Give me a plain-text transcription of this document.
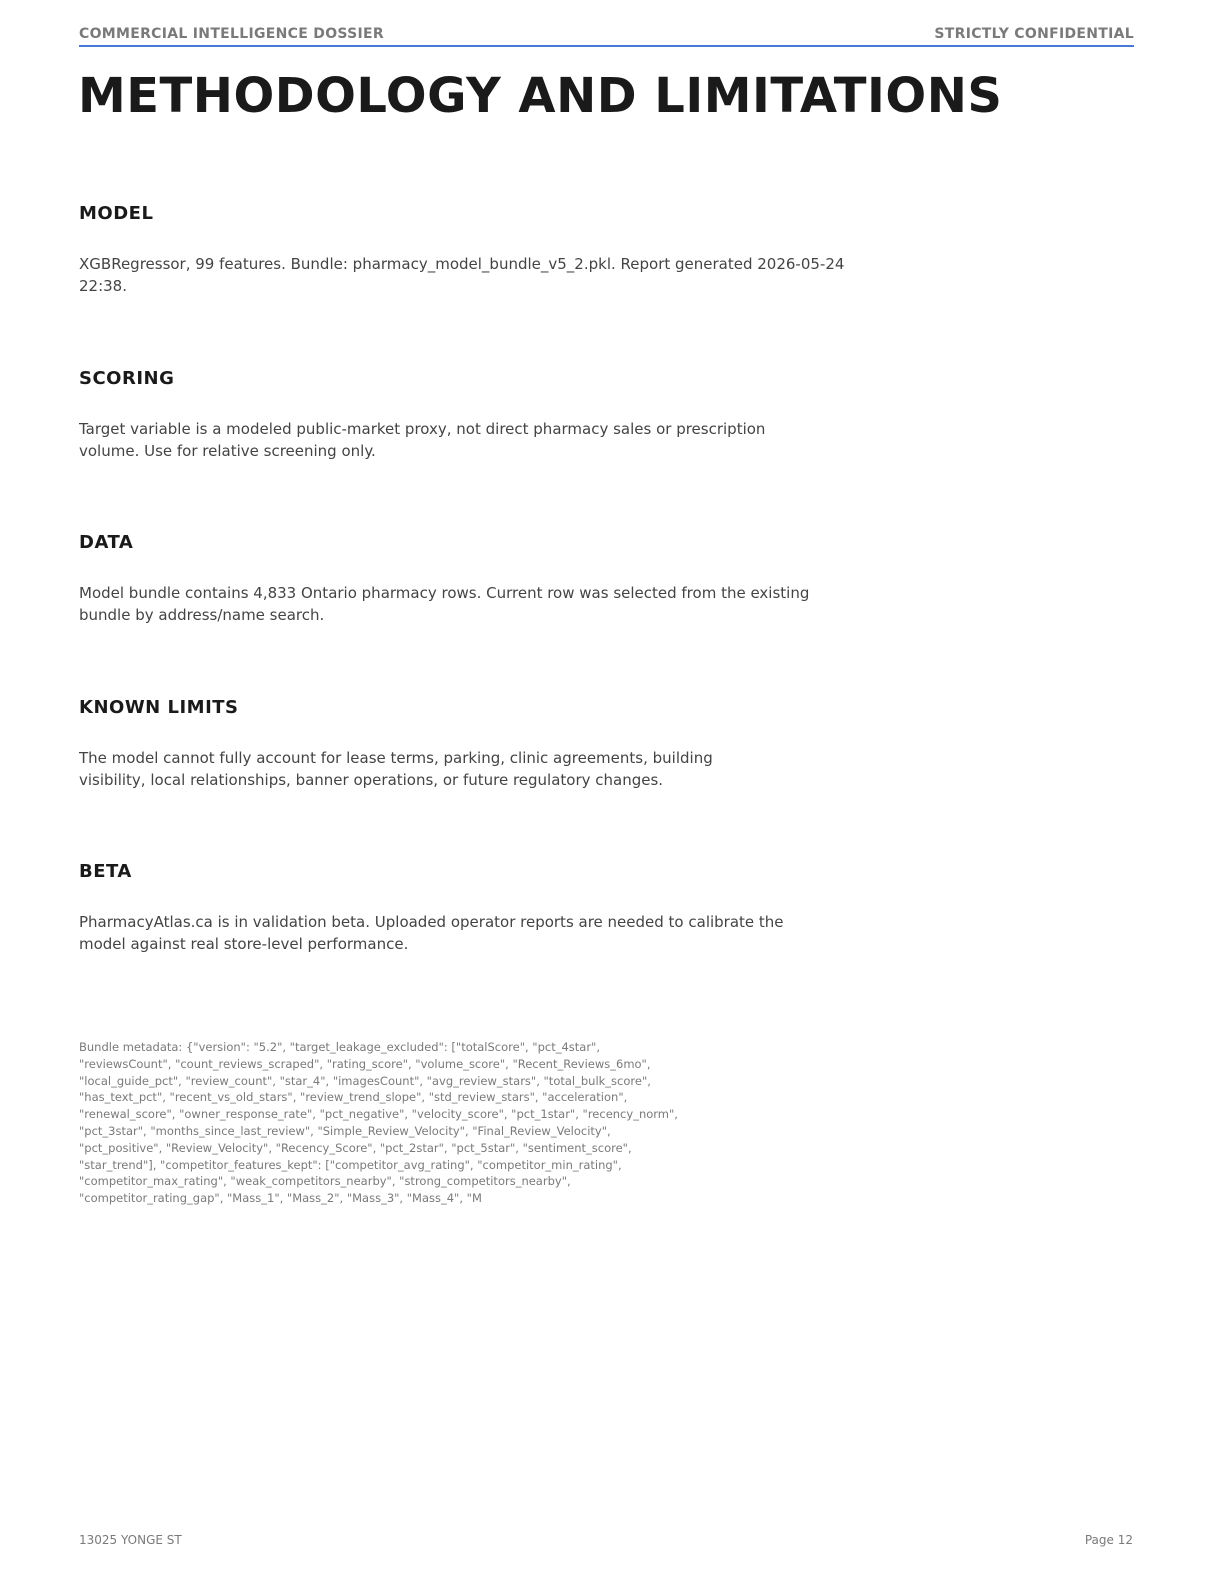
COMMERCIAL INTELLIGENCE DOSSIER	STRICTLY CONFIDENTIAL
METHODOLOGY AND LIMITATIONS
MODEL

XGBRegressor, 99 features. Bundle: pharmacy_model_bundle_v5_2.pkl. Report generated 2026-05-24 22:38.

SCORING

Target variable is a modeled public-market proxy, not direct pharmacy sales or prescription volume. Use for relative screening only.

DATA

Model bundle contains 4,833 Ontario pharmacy rows. Current row was selected from the existing bundle by address/name search.

KNOWN LIMITS

The model cannot fully account for lease terms, parking, clinic agreements, building visibility, local relationships, banner operations, or future regulatory changes.

BETA

PharmacyAtlas.ca is in validation beta. Uploaded operator reports are needed to calibrate the model against real store-level performance.

Bundle metadata: {"version": "5.2", "target_leakage_excluded": ["totalScore", "pct_4star", "reviewsCount", "count_reviews_scraped", "rating_score", "volume_score", "Recent_Reviews_6mo", "local_guide_pct", "review_count", "star_4", "imagesCount", "avg_review_stars", "total_bulk_score", "has_text_pct", "recent_vs_old_stars", "review_trend_slope", "std_review_stars", "acceleration", "renewal_score", "owner_response_rate", "pct_negative", "velocity_score", "pct_1star", "recency_norm", "pct_3star", "months_since_last_review", "Simple_Review_Velocity", "Final_Review_Velocity", "pct_positive", "Review_Velocity", "Recency_Score", "pct_2star", "pct_5star", "sentiment_score", "star_trend"], "competitor_features_kept": ["competitor_avg_rating", "competitor_min_rating", "competitor_max_rating", "weak_competitors_nearby", "strong_competitors_nearby", "competitor_rating_gap", "Mass_1", "Mass_2", "Mass_3", "Mass_4", "M

13025 YONGE ST	Page 12
